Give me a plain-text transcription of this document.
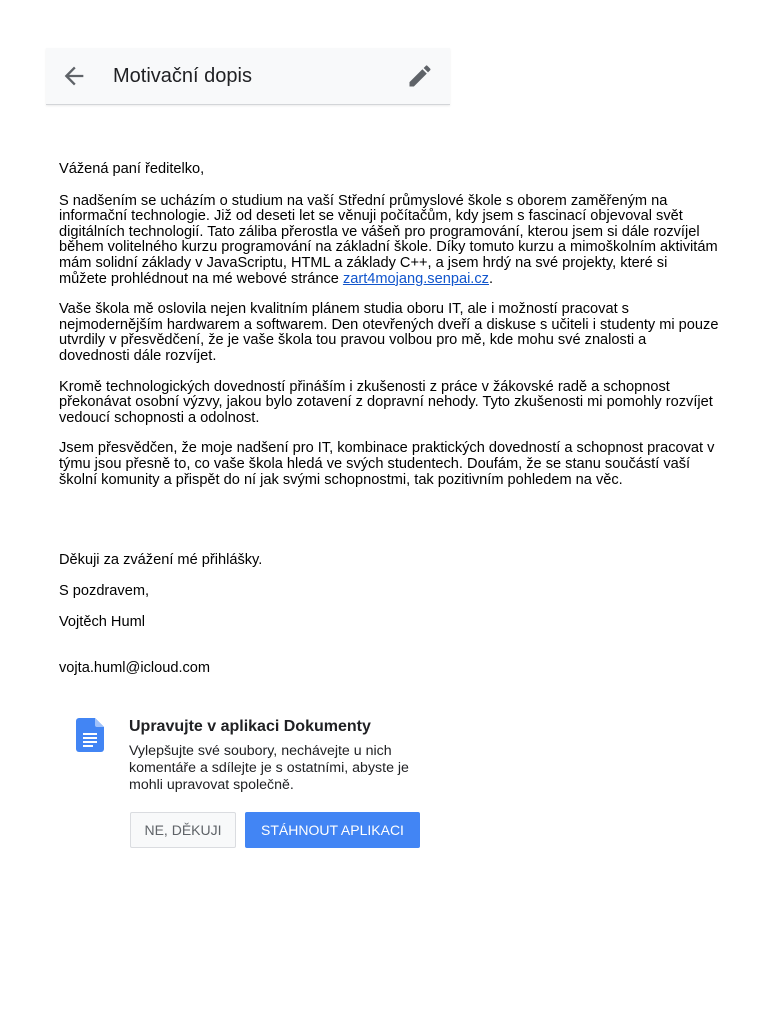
Motivační dopis

Vážená paní ředitelko,

S nadšením se ucházím o studium na vaší Střední průmyslové škole s oborem zaměřeným na informační technologie. Již od deseti let se věnuji počítačům, kdy jsem s fascinací objevoval svět digitálních technologií. Tato záliba přerostla ve vášeň pro programování, kterou jsem si dále rozvíjel během volitelného kurzu programování na základní škole. Díky tomuto kurzu a mimoškolním aktivitám mám solidní základy v JavaScriptu, HTML a základy C++, a jsem hrdý na své projekty, které si můžete prohlédnout na mé webové stránce zart4mojang.senpai.cz.

Vaše škola mě oslovila nejen kvalitním plánem studia oboru IT, ale i možností pracovat s nejmodernějším hardwarem a softwarem. Den otevřených dveří a diskuse s učiteli i studenty mi pouze utvrdily v přesvědčení, že je vaše škola tou pravou volbou pro mě, kde mohu své znalosti a dovednosti dále rozvíjet.

Kromě technologických dovedností přináším i zkušenosti z práce v žákovské radě a schopnost překonávat osobní výzvy, jakou bylo zotavení z dopravní nehody. Tyto zkušenosti mi pomohly rozvíjet vedoucí schopnosti a odolnost.

Jsem přesvědčen, že moje nadšení pro IT, kombinace praktických dovedností a schopnost pracovat v týmu jsou přesně to, co vaše škola hledá ve svých studentech. Doufám, že se stanu součástí vaší školní komunity a přispět do ní jak svými schopnostmi, tak pozitivním pohledem na věc.

Děkuji za zvážení mé přihlášky.
S pozdravem,
Vojtěch Huml
vojta.huml@icloud.com
Upravujte v aplikaci Dokumenty
Vylepšujte své soubory, nechávejte u nich komentáře a sdílejte je s ostatními, abyste je mohli upravovat společně.
NE, DĚKUJI	STÁHNOUT APLIKACI
